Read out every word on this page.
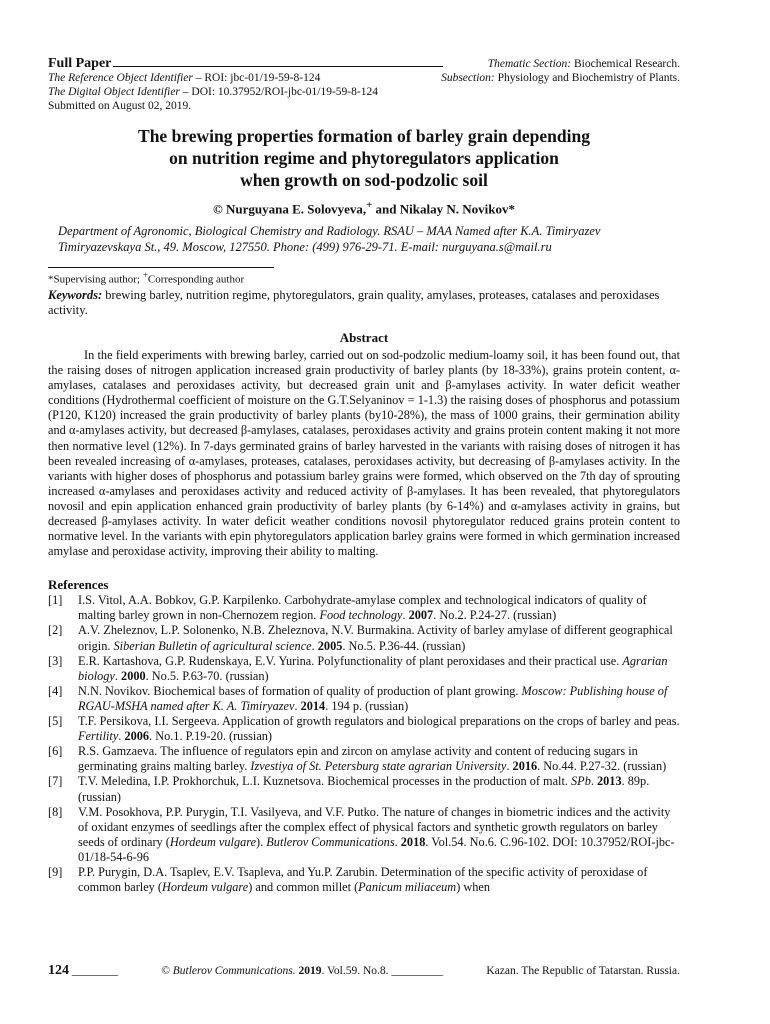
Full Paper	Thematic Section: Biochemical Research.
The Reference Object Identifier – ROI: jbc-01/19-59-8-124	Subsection: Physiology and Biochemistry of Plants.
The Digital Object Identifier – DOI: 10.37952/ROI-jbc-01/19-59-8-124
Submitted on August 02, 2019.
The brewing properties formation of barley grain depending
on nutrition regime and phytoregulators application
when growth on sod-podzolic soil
© Nurguyana E. Solovyeva,+ and Nikalay N. Novikov*
Department of Agronomic, Biological Chemistry and Radiology. RSAU – MAA Named after K.A. Timiryazev
Timiryazevskaya St., 49. Moscow, 127550. Phone: (499) 976-29-71. E-mail: nurguyana.s@mail.ru
*Supervising author; +Corresponding author
Keywords: brewing barley, nutrition regime, phytoregulators, grain quality, amylases, proteases, catalases and peroxidases activity.
Abstract
In the field experiments with brewing barley, carried out on sod-podzolic medium-loamy soil, it has been found out, that the raising doses of nitrogen application increased grain productivity of barley plants (by 18-33%), grains protein content, α-amylases, catalases and peroxidases activity, but decreased grain unit and β-amylases activity. In water deficit weather conditions (Hydrothermal coefficient of moisture on the G.T.Selyaninov = 1-1.3) the raising doses of phosphorus and potassium (P120, K120) increased the grain productivity of barley plants (by10-28%), the mass of 1000 grains, their germination ability and α-amylases activity, but decreased β-amylases, catalases, peroxidases activity and grains protein content making it not more then normative level (12%). In 7-days germinated grains of barley harvested in the variants with raising doses of nitrogen it has been revealed increasing of α-amylases, proteases, catalases, peroxidases activity, but decreasing of β-amylases activity. In the variants with higher doses of phosphorus and potassium barley grains were formed, which observed on the 7th day of sprouting increased α-amylases and peroxidases activity and reduced activity of β-amylases. It has been revealed, that phytoregulators novosil and epin application enhanced grain productivity of barley plants (by 6-14%) and α-amylases activity in grains, but decreased β-amylases activity. In water deficit weather conditions novosil phytoregulator reduced grains protein content to normative level. In the variants with epin phytoregulators application barley grains were formed in which germination increased amylase and peroxidase activity, improving their ability to malting.
References
[1]	I.S. Vitol, A.A. Bobkov, G.P. Karpilenko. Carbohydrate-amylase complex and technological indicators of quality of malting barley grown in non-Chernozem region. Food technology. 2007. No.2. P.24-27. (russian)
[2]	A.V. Zheleznov, L.P. Solonenko, N.B. Zheleznova, N.V. Burmakina. Activity of barley amylase of different geographical origin. Siberian Bulletin of agricultural science. 2005. No.5. P.36-44. (russian)
[3]	E.R. Kartashova, G.P. Rudenskaya, E.V. Yurina. Polyfunctionality of plant peroxidases and their practical use. Agrarian biology. 2000. No.5. P.63-70. (russian)
[4]	N.N. Novikov. Biochemical bases of formation of quality of production of plant growing. Moscow: Publishing house of RGAU-MSHA named after K. A. Timiryazev. 2014. 194 p. (russian)
[5]	T.F. Persikova, I.I. Sergeeva. Application of growth regulators and biological preparations on the crops of barley and peas. Fertility. 2006. No.1. P.19-20. (russian)
[6]	R.S. Gamzaeva. The influence of regulators epin and zircon on amylase activity and content of reducing sugars in germinating grains malting barley. Izvestiya of St. Petersburg state agrarian University. 2016. No.44. P.27-32. (russian)
[7]	T.V. Meledina, I.P. Prokhorchuk, L.I. Kuznetsova. Biochemical processes in the production of malt. SPb. 2013. 89p. (russian)
[8]	V.M. Posokhova, P.P. Purygin, T.I. Vasilyeva, and V.F. Putko. The nature of changes in biometric indices and the activity of oxidant enzymes of seedlings after the complex effect of physical factors and synthetic growth regulators on barley seeds of ordinary (Hordeum vulgare). Butlerov Communications. 2018. Vol.54. No.6. C.96-102. DOI: 10.37952/ROI-jbc-01/18-54-6-96
[9]	P.P. Purygin, D.A. Tsaplev, E.V. Tsapleva, and Yu.P. Zarubin. Determination of the specific activity of peroxidase of common barley (Hordeum vulgare) and common millet (Panicum miliaceum) when
124 ________	© Butlerov Communications. 2019. Vol.59. No.8. _________	Kazan. The Republic of Tatarstan. Russia.
